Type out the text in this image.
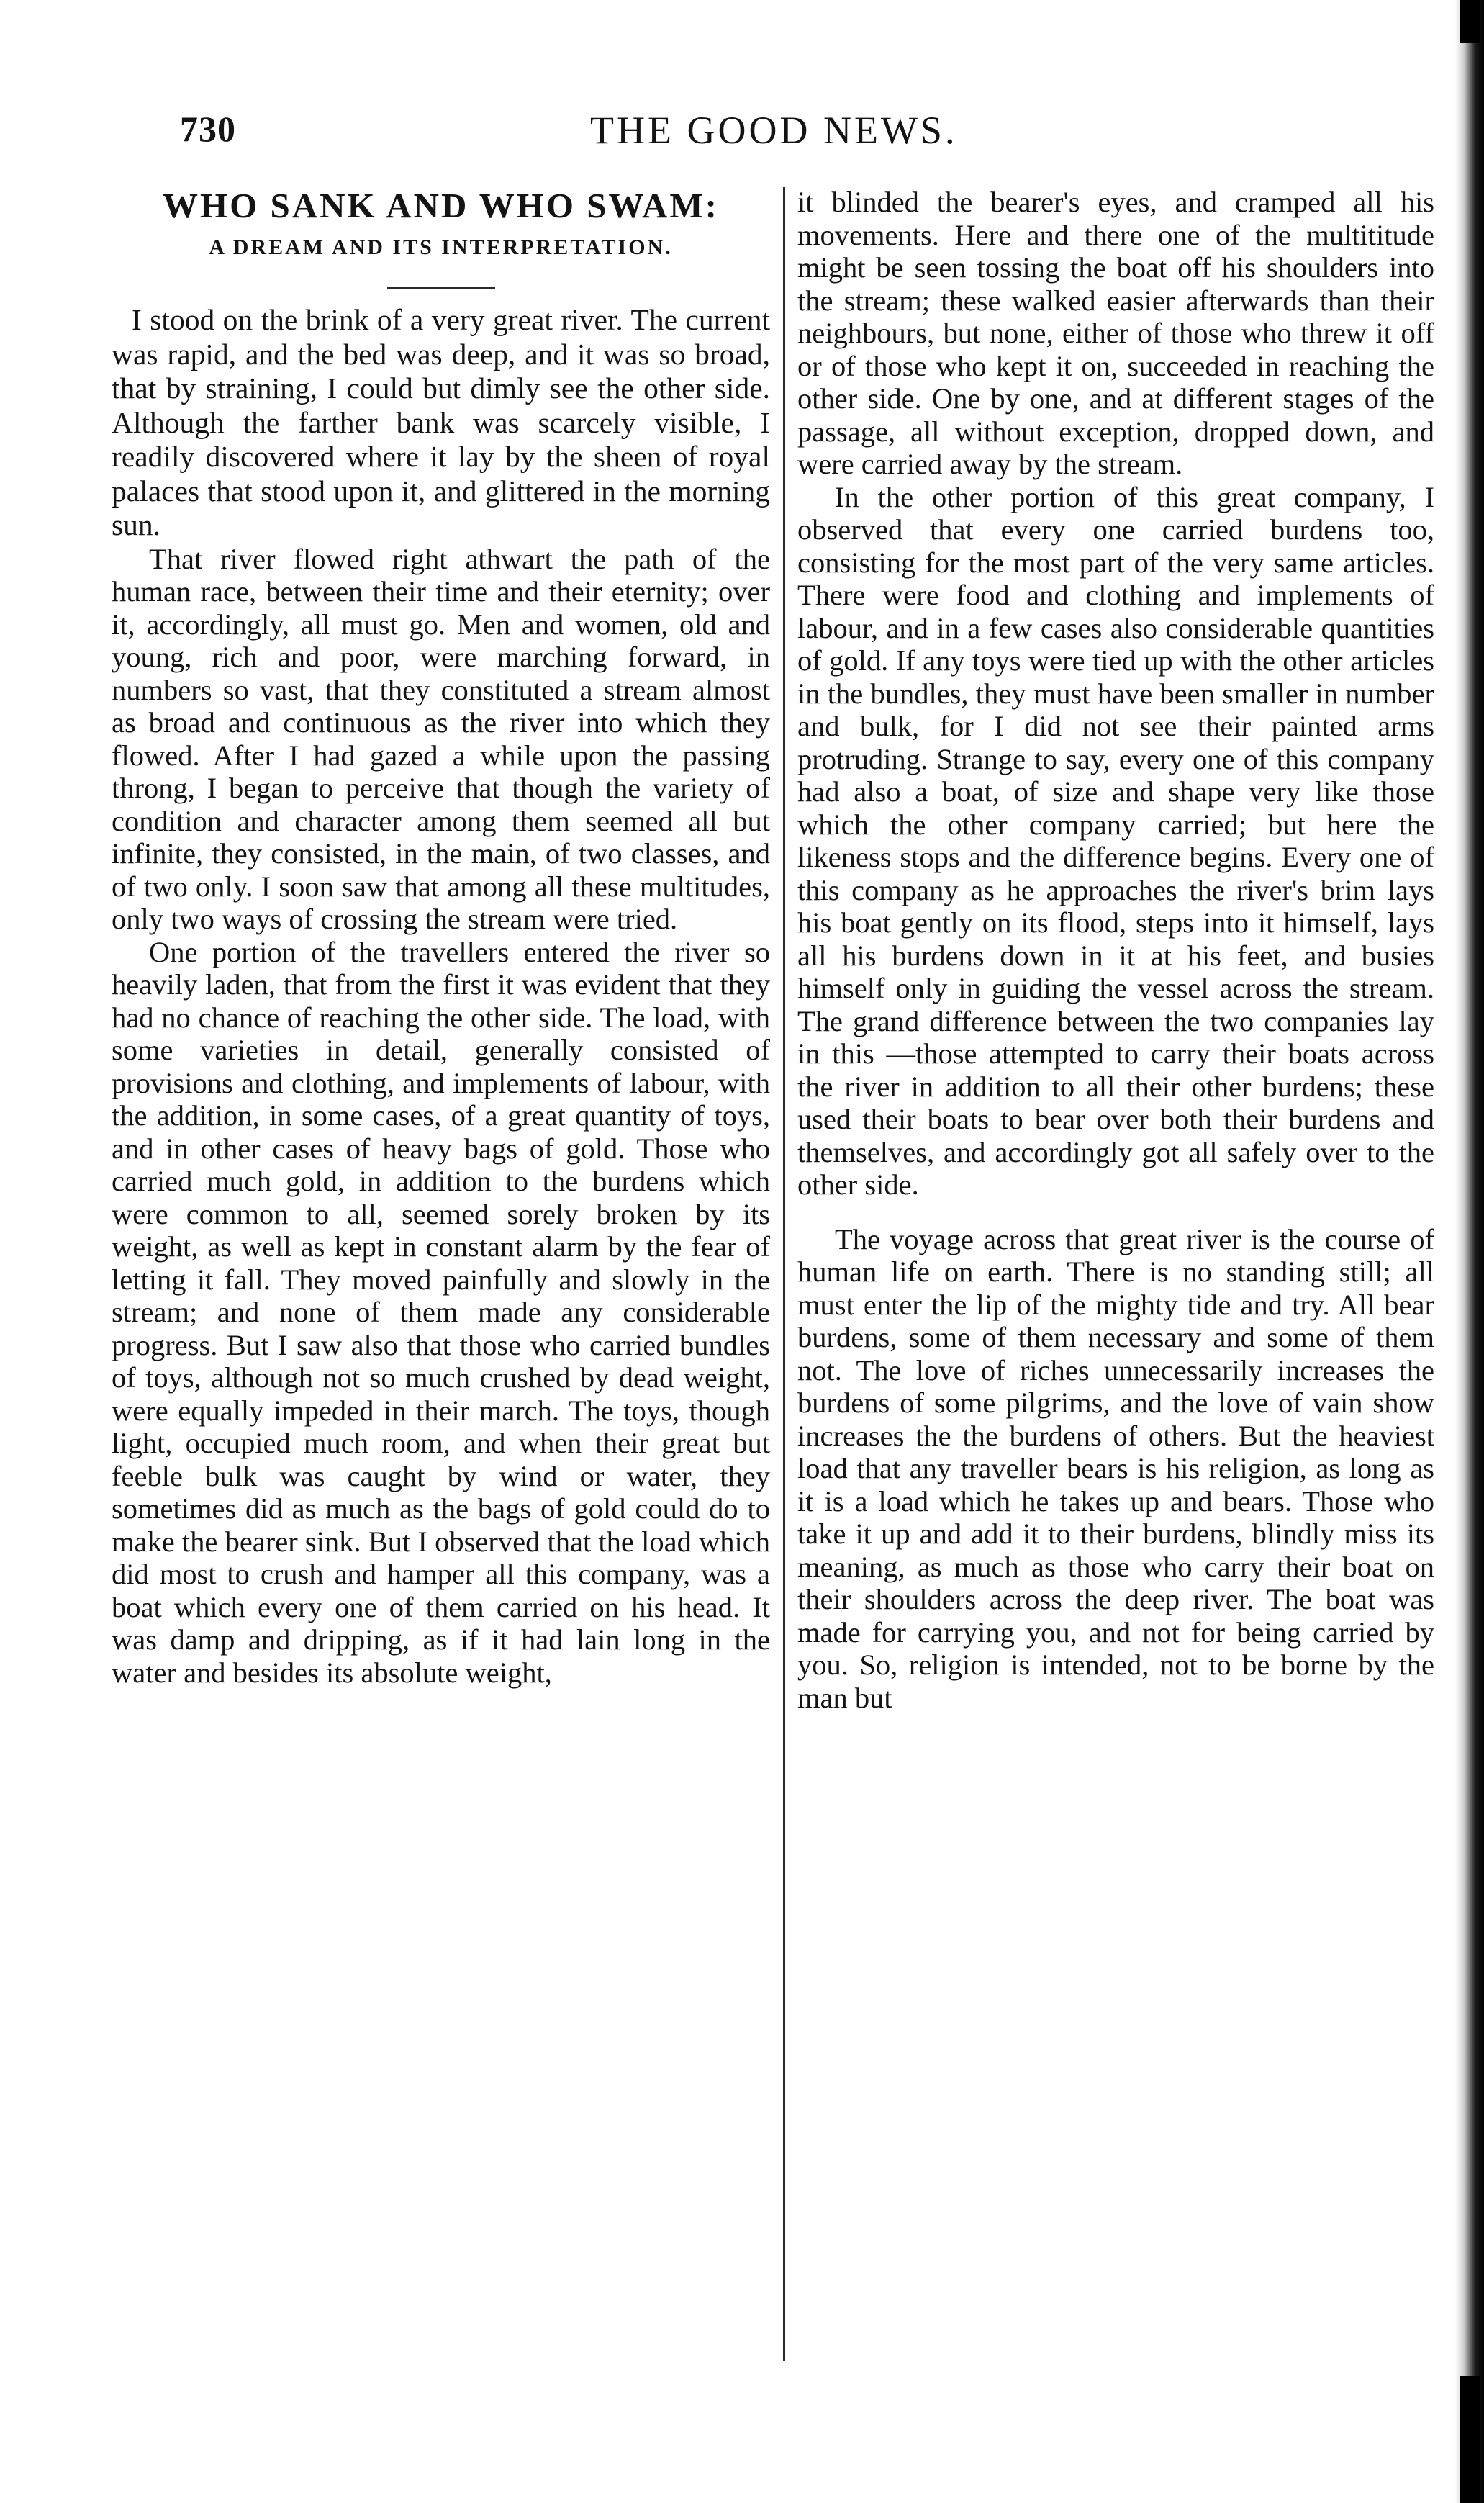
730	THE GOOD NEWS.
WHO SANK AND WHO SWAM:
A DREAM AND ITS INTERPRETATION.

I stood on the brink of a very great river. The current was rapid, and the bed was deep, and it was so broad, that by straining, I could but dimly see the other side. Although the farther bank was scarcely visible, I readily discovered where it lay by the sheen of royal palaces that stood upon it, and glittered in the morning sun.

That river flowed right athwart the path of the human race, between their time and their eternity; over it, accordingly, all must go. Men and women, old and young, rich and poor, were marching forward, in numbers so vast, that they constituted a stream almost as broad and continuous as the river into which they flowed. After I had gazed a while upon the passing throng, I began to perceive that though the variety of condition and character among them seemed all but infinite, they consisted, in the main, of two classes, and of two only. I soon saw that among all these multitudes, only two ways of crossing the stream were tried.

One portion of the travellers entered the river so heavily laden, that from the first it was evident that they had no chance of reaching the other side. The load, with some varieties in detail, generally consisted of provisions and clothing, and implements of labour, with the addition, in some cases, of a great quantity of toys, and in other cases of heavy bags of gold. Those who carried much gold, in addition to the burdens which were common to all, seemed sorely broken by its weight, as well as kept in constant alarm by the fear of letting it fall. They moved painfully and slowly in the stream; and none of them made any considerable progress. But I saw also that those who carried bundles of toys, although not so much crushed by dead weight, were equally impeded in their march. The toys, though light, occupied much room, and when their great but feeble bulk was caught by wind or water, they sometimes did as much as the bags of gold could do to make the bearer sink. But I observed that the load which did most to crush and hamper all this company, was a boat which every one of them carried on his head. It was damp and dripping, as if it had lain long in the water and besides its absolute weight,

it blinded the bearer's eyes, and cramped all his movements. Here and there one of the multititude might be seen tossing the boat off his shoulders into the stream; these walked easier afterwards than their neighbours, but none, either of those who threw it off or of those who kept it on, succeeded in reaching the other side. One by one, and at different stages of the passage, all without exception, dropped down, and were carried away by the stream.

In the other portion of this great company, I observed that every one carried burdens too, consisting for the most part of the very same articles. There were food and clothing and implements of labour, and in a few cases also considerable quantities of gold. If any toys were tied up with the other articles in the bundles, they must have been smaller in number and bulk, for I did not see their painted arms protruding. Strange to say, every one of this company had also a boat, of size and shape very like those which the other company carried; but here the likeness stops and the difference begins. Every one of this company as he approaches the river's brim lays his boat gently on its flood, steps into it himself, lays all his burdens down in it at his feet, and busies himself only in guiding the vessel across the stream. The grand difference between the two companies lay in this —those attempted to carry their boats across the river in addition to all their other burdens; these used their boats to bear over both their burdens and themselves, and accordingly got all safely over to the other side.

The voyage across that great river is the course of human life on earth. There is no standing still; all must enter the lip of the mighty tide and try. All bear burdens, some of them necessary and some of them not. The love of riches unnecessarily increases the burdens of some pilgrims, and the love of vain show increases the the burdens of others. But the heaviest load that any traveller bears is his religion, as long as it is a load which he takes up and bears. Those who take it up and add it to their burdens, blindly miss its meaning, as much as those who carry their boat on their shoulders across the deep river. The boat was made for carrying you, and not for being carried by you. So, religion is intended, not to be borne by the man but
